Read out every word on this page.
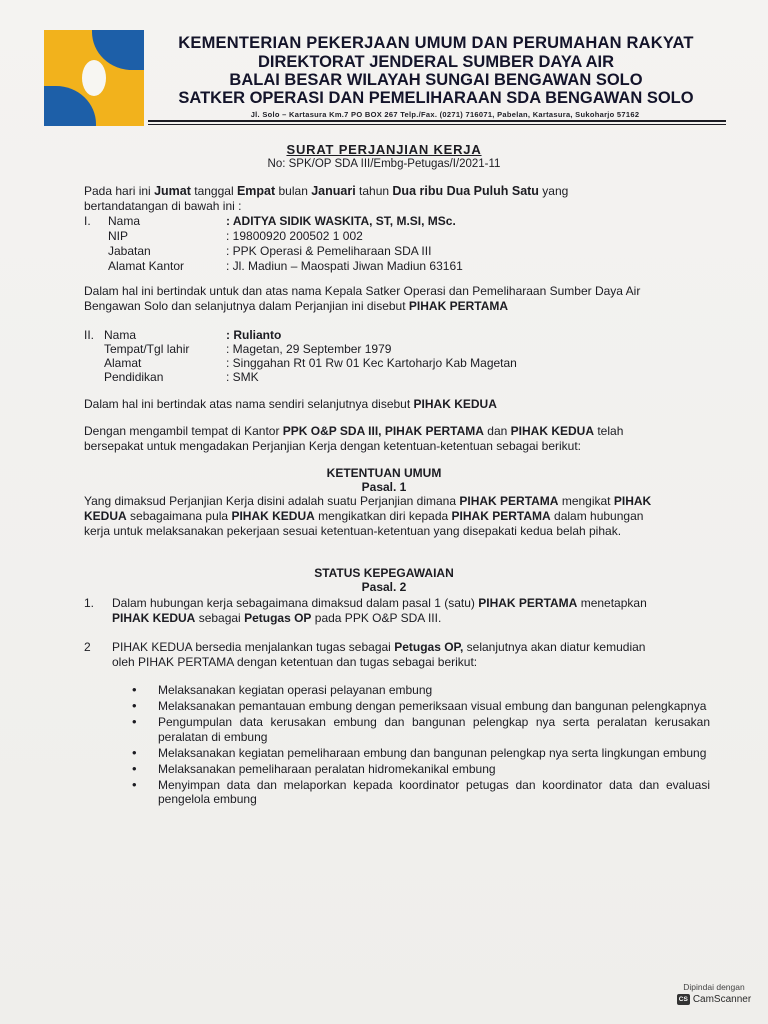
KEMENTERIAN PEKERJAAN UMUM DAN PERUMAHAN RAKYAT
DIREKTORAT JENDERAL SUMBER DAYA AIR
BALAI BESAR WILAYAH SUNGAI BENGAWAN SOLO
SATKER OPERASI DAN PEMELIHARAAN SDA BENGAWAN SOLO
Jl. Solo – Kartasura Km.7 PO BOX 267 Telp./Fax. (0271) 716071, Pabelan, Kartasura, Sukoharjo 57162
SURAT PERJANJIAN KERJA
No: SPK/OP SDA III/Embg-Petugas/I/2021-11
Pada hari ini Jumat tanggal Empat bulan Januari tahun Dua ribu Dua Puluh Satu yang
bertandatangan di bawah ini :
I. Nama	: ADITYA SIDIK WASKITA, ST, M.SI, MSc.
NIP	: 19800920 200502 1 002
Jabatan	: PPK Operasi & Pemeliharaan SDA III
Alamat Kantor	: Jl. Madiun – Maospati Jiwan Madiun 63161
Dalam hal ini bertindak untuk dan atas nama Kepala Satker Operasi dan Pemeliharaan Sumber Daya Air
Bengawan Solo dan selanjutnya dalam Perjanjian ini disebut PIHAK PERTAMA
II. Nama	: Rulianto
Tempat/Tgl lahir	: Magetan, 29 September 1979
Alamat	: Singgahan Rt 01 Rw 01 Kec Kartoharjo Kab Magetan
Pendidikan	: SMK
Dalam hal ini bertindak atas nama sendiri selanjutnya disebut PIHAK KEDUA
Dengan mengambil tempat di Kantor PPK O&P SDA III, PIHAK PERTAMA dan PIHAK KEDUA telah
bersepakat untuk mengadakan Perjanjian Kerja dengan ketentuan-ketentuan sebagai berikut:
KETENTUAN UMUM
Pasal. 1
Yang dimaksud Perjanjian Kerja disini adalah suatu Perjanjian dimana PIHAK PERTAMA mengikat PIHAK
KEDUA sebagaimana pula PIHAK KEDUA mengikatkan diri kepada PIHAK PERTAMA dalam hubungan
kerja untuk melaksanakan pekerjaan sesuai ketentuan-ketentuan yang disepakati kedua belah pihak.
STATUS KEPEGAWAIAN
Pasal. 2
1. Dalam hubungan kerja sebagaimana dimaksud dalam pasal 1 (satu) PIHAK PERTAMA menetapkan
PIHAK KEDUA sebagai Petugas OP pada PPK O&P SDA III.
2 PIHAK KEDUA bersedia menjalankan tugas sebagai Petugas OP, selanjutnya akan diatur kemudian
oleh PIHAK PERTAMA dengan ketentuan dan tugas sebagai berikut:
• Melaksanakan kegiatan operasi pelayanan embung
• Melaksanakan pemantauan embung dengan pemeriksaan visual embung dan bangunan pelengkapnya
• Pengumpulan data kerusakan embung dan bangunan pelengkap nya serta peralatan kerusakan peralatan di embung
• Melaksanakan kegiatan pemeliharaan embung dan bangunan pelengkap nya serta lingkungan embung
• Melaksanakan pemeliharaan peralatan hidromekanikal embung
• Menyimpan data dan melaporkan kepada koordinator petugas dan koordinator data dan evaluasi pengelola embung
Dipindai dengan
CS CamScanner
